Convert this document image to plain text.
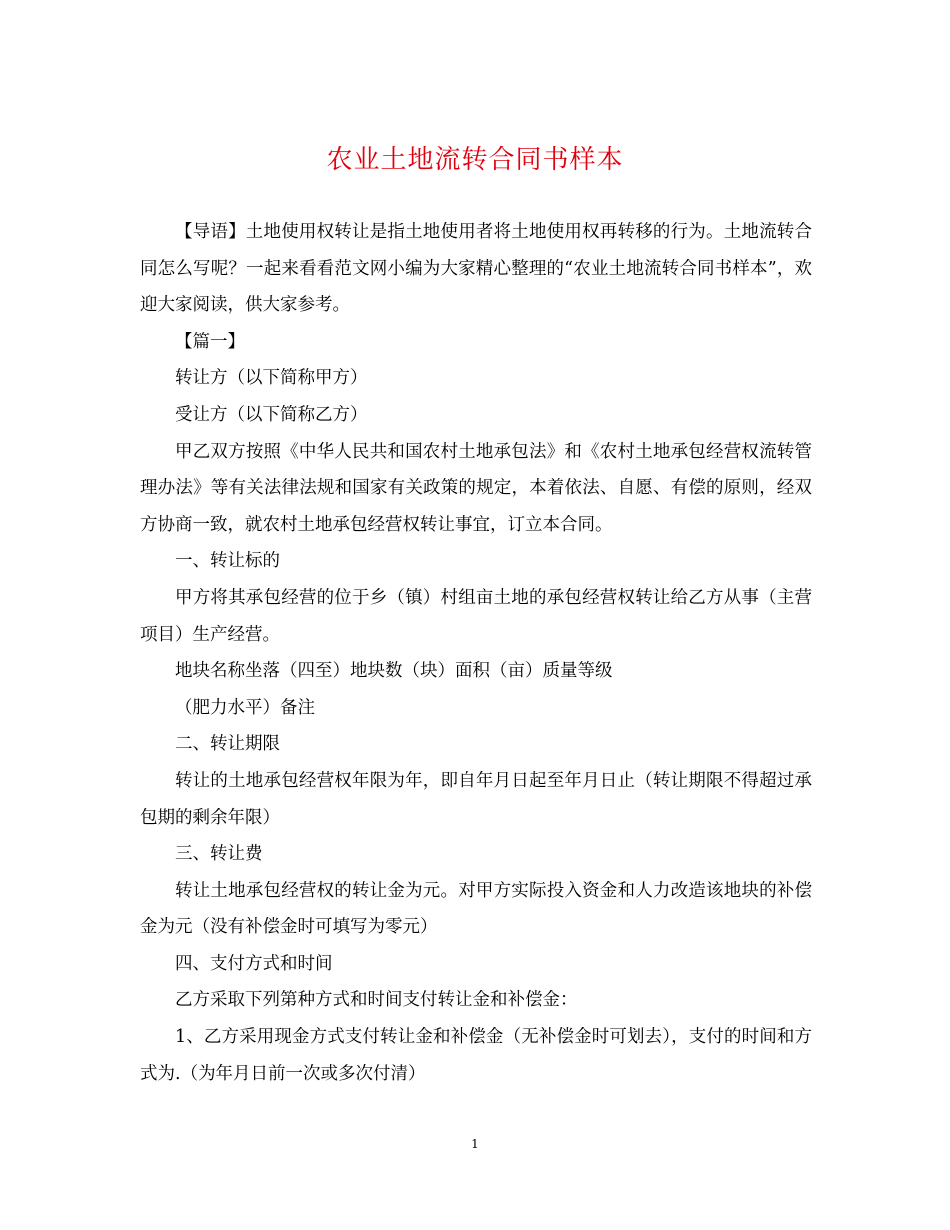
农业土地流转合同书样本

【导语】土地使用权转让是指土地使用者将土地使用权再转移的行为。土地流转合同怎么写呢？一起来看看范文网小编为大家精心整理的“农业土地流转合同书样本”，欢迎大家阅读，供大家参考。

【篇一】

转让方（以下简称甲方）

受让方（以下简称乙方）

甲乙双方按照《中华人民共和国农村土地承包法》和《农村土地承包经营权流转管理办法》等有关法律法规和国家有关政策的规定，本着依法、自愿、有偿的原则，经双方协商一致，就农村土地承包经营权转让事宜，订立本合同。

一、转让标的

甲方将其承包经营的位于乡（镇）村组亩土地的承包经营权转让给乙方从事（主营项目）生产经营。

地块名称坐落（四至）地块数（块）面积（亩）质量等级

（肥力水平）备注

二、转让期限

转让的土地承包经营权年限为年，即自年月日起至年月日止（转让期限不得超过承包期的剩余年限）

三、转让费

转让土地承包经营权的转让金为元。对甲方实际投入资金和人力改造该地块的补偿金为元（没有补偿金时可填写为零元）

四、支付方式和时间

乙方采取下列第种方式和时间支付转让金和补偿金：

1、乙方采用现金方式支付转让金和补偿金（无补偿金时可划去），支付的时间和方式为.（为年月日前一次或多次付清）

1
